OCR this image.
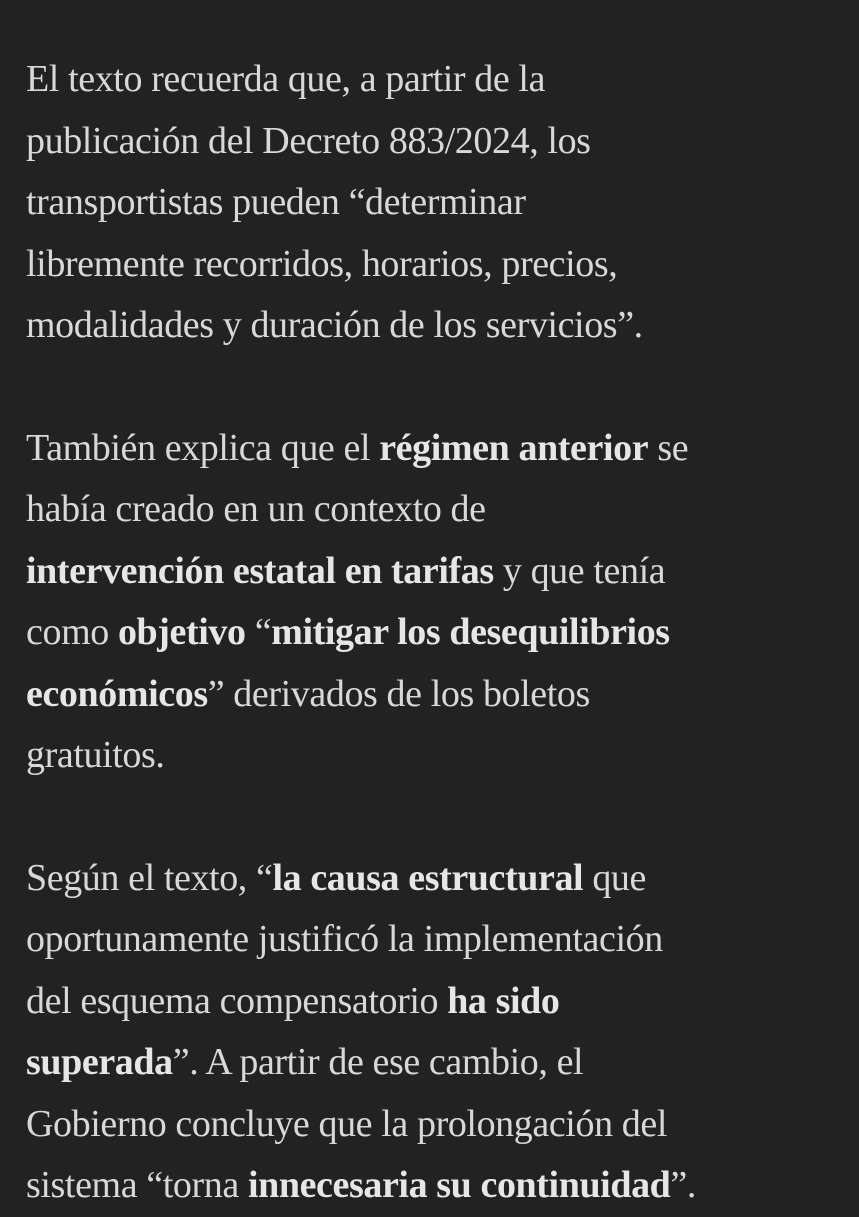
El texto recuerda que, a partir de la
publicación del Decreto 883/2024, los
transportistas pueden “determinar
libremente recorridos, horarios, precios,
modalidades y duración de los servicios”.

También explica que el régimen anterior se
había creado en un contexto de
intervención estatal en tarifas y que tenía
como objetivo “mitigar los desequilibrios
económicos” derivados de los boletos
gratuitos.

Según el texto, “la causa estructural que
oportunamente justificó la implementación
del esquema compensatorio ha sido
superada”. A partir de ese cambio, el
Gobierno concluye que la prolongación del
sistema “torna innecesaria su continuidad”.
